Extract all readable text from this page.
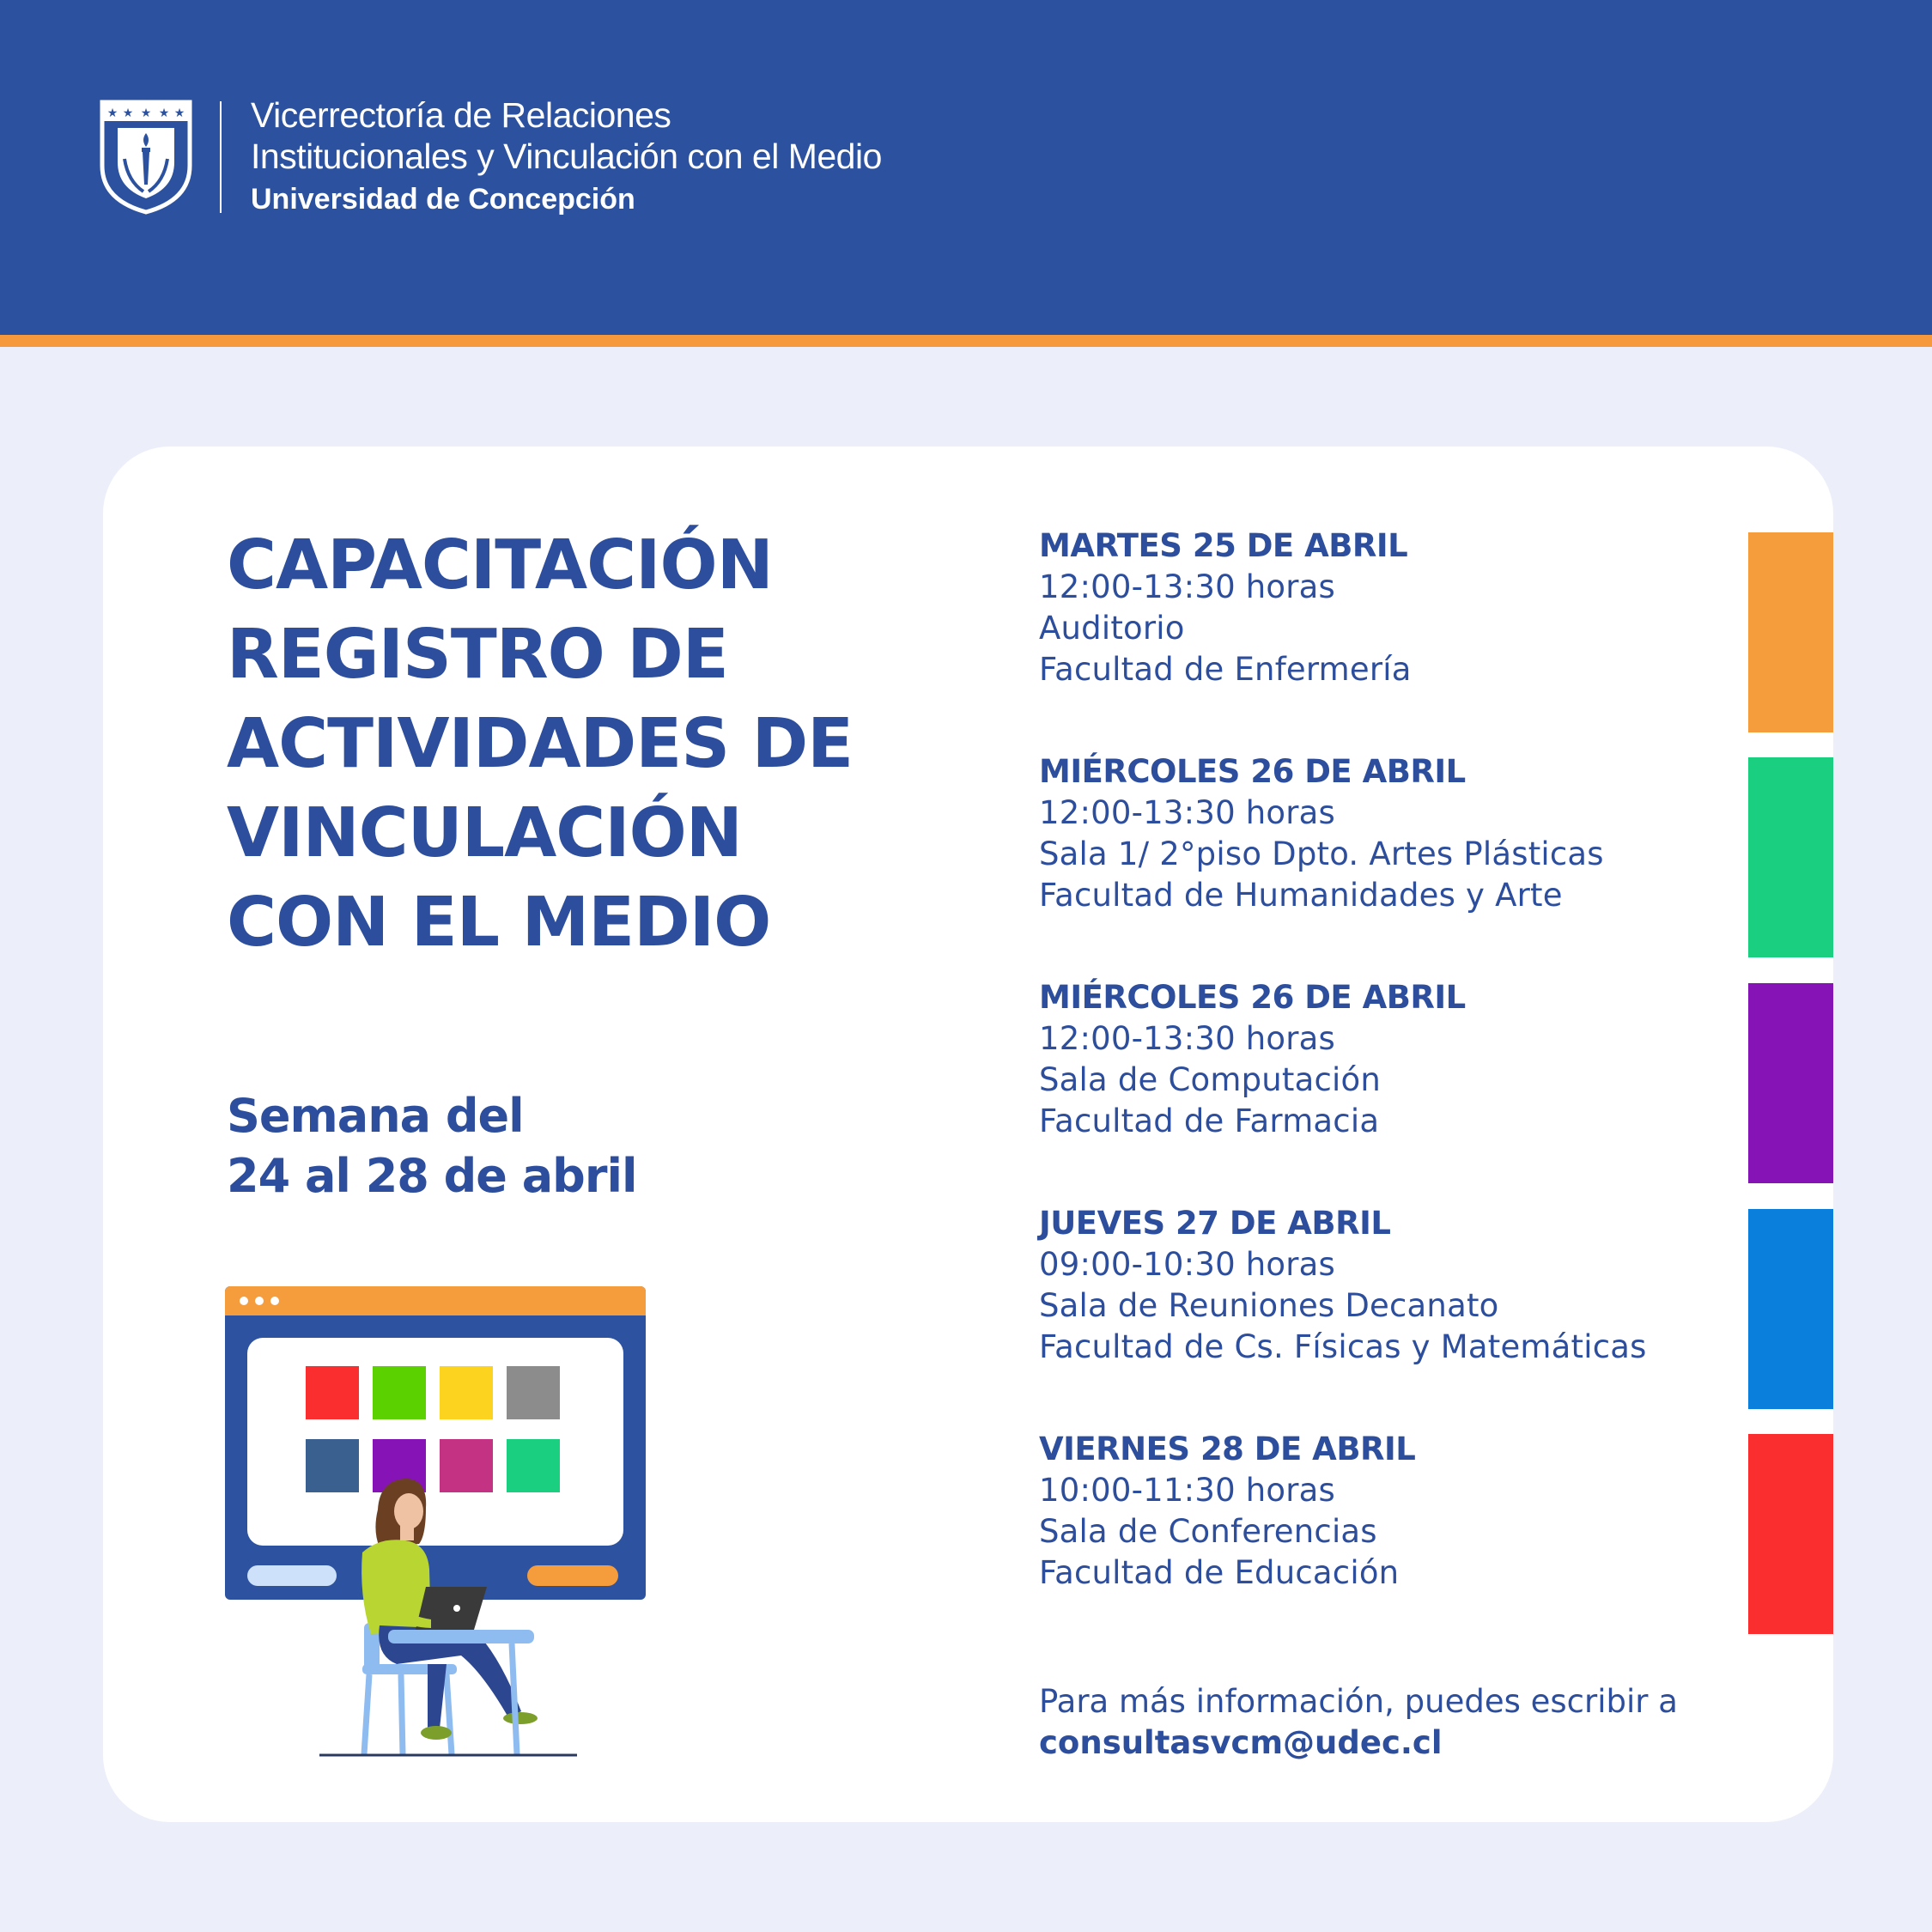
★ ★ ★ ★ ★ Vicerrectoría de Relaciones
Institucionales y Vinculación con el Medio
Universidad de Concepción
CAPACITACIÓN
REGISTRO DE
ACTIVIDADES DE
VINCULACIÓN
CON EL MEDIO
Semana del
24 al 28 de abril
MARTES 25 DE ABRIL
12:00-13:30 horas
Auditorio
Facultad de Enfermería
MIÉRCOLES 26 DE ABRIL
12:00-13:30 horas
Sala 1/ 2°piso Dpto. Artes Plásticas
Facultad de Humanidades y Arte
MIÉRCOLES 26 DE ABRIL
12:00-13:30 horas
Sala de Computación
Facultad de Farmacia
JUEVES 27 DE ABRIL
09:00-10:30 horas
Sala de Reuniones Decanato
Facultad de Cs. Físicas y Matemáticas
VIERNES 28 DE ABRIL
10:00-11:30 horas
Sala de Conferencias
Facultad de Educación
Para más información, puedes escribir a
consultasvcm@udec.cl
